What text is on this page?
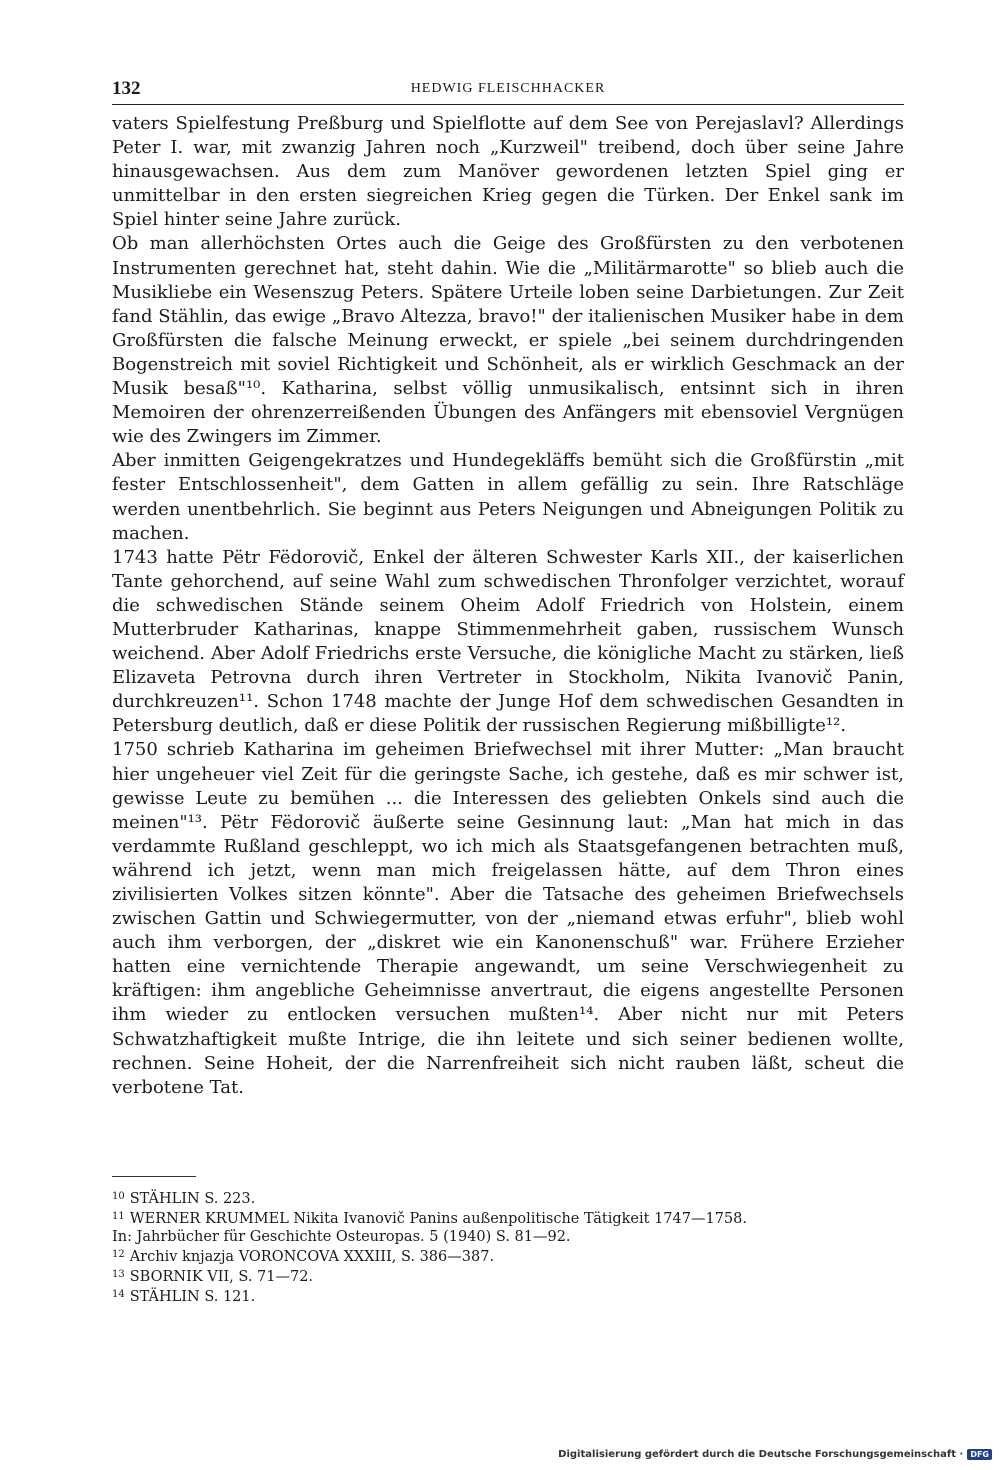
132	HEDWIG FLEISCHHACKER

vaters Spielfestung Preßburg und Spielflotte auf dem See von Perejaslavl? Allerdings Peter I. war, mit zwanzig Jahren noch „Kurzweil" treibend, doch über seine Jahre hinausgewachsen. Aus dem zum Manöver gewordenen letzten Spiel ging er unmittelbar in den ersten siegreichen Krieg gegen die Türken. Der Enkel sank im Spiel hinter seine Jahre zurück.

Ob man allerhöchsten Ortes auch die Geige des Großfürsten zu den verbotenen Instrumenten gerechnet hat, steht dahin. Wie die „Militärmarotte" so blieb auch die Musikliebe ein Wesenszug Peters. Spätere Urteile loben seine Darbietungen. Zur Zeit fand Stählin, das ewige „Bravo Altezza, bravo!" der italienischen Musiker habe in dem Großfürsten die falsche Meinung erweckt, er spiele „bei seinem durchdringenden Bogenstreich mit soviel Richtigkeit und Schönheit, als er wirklich Geschmack an der Musik besaß"¹⁰. Katharina, selbst völlig unmusikalisch, entsinnt sich in ihren Memoiren der ohrenzerreißenden Übungen des Anfängers mit ebensoviel Vergnügen wie des Zwingers im Zimmer.

Aber inmitten Geigengekratzes und Hundegekläffs bemüht sich die Großfürstin „mit fester Entschlossenheit", dem Gatten in allem gefällig zu sein. Ihre Ratschläge werden unentbehrlich. Sie beginnt aus Peters Neigungen und Abneigungen Politik zu machen.

1743 hatte Pëtr Fëdorovič, Enkel der älteren Schwester Karls XII., der kaiserlichen Tante gehorchend, auf seine Wahl zum schwedischen Thronfolger verzichtet, worauf die schwedischen Stände seinem Oheim Adolf Friedrich von Holstein, einem Mutterbruder Katharinas, knappe Stimmenmehrheit gaben, russischem Wunsch weichend. Aber Adolf Friedrichs erste Versuche, die königliche Macht zu stärken, ließ Elizaveta Petrovna durch ihren Vertreter in Stockholm, Nikita Ivanovič Panin, durchkreuzen¹¹. Schon 1748 machte der Junge Hof dem schwedischen Gesandten in Petersburg deutlich, daß er diese Politik der russischen Regierung mißbilligte¹².

1750 schrieb Katharina im geheimen Briefwechsel mit ihrer Mutter: „Man braucht hier ungeheuer viel Zeit für die geringste Sache, ich gestehe, daß es mir schwer ist, gewisse Leute zu bemühen ... die Interessen des geliebten Onkels sind auch die meinen"¹³. Pëtr Fëdorovič äußerte seine Gesinnung laut: „Man hat mich in das verdammte Rußland geschleppt, wo ich mich als Staatsgefangenen betrachten muß, während ich jetzt, wenn man mich freigelassen hätte, auf dem Thron eines zivilisierten Volkes sitzen könnte". Aber die Tatsache des geheimen Briefwechsels zwischen Gattin und Schwiegermutter, von der „niemand etwas erfuhr", blieb wohl auch ihm verborgen, der „diskret wie ein Kanonenschuß" war. Frühere Erzieher hatten eine vernichtende Therapie angewandt, um seine Verschwiegenheit zu kräftigen: ihm angebliche Geheimnisse anvertraut, die eigens angestellte Personen ihm wieder zu entlocken versuchen mußten¹⁴. Aber nicht nur mit Peters Schwatzhaftigkeit mußte Intrige, die ihn leitete und sich seiner bedienen wollte, rechnen. Seine Hoheit, der die Narrenfreiheit sich nicht rauben läßt, scheut die verbotene Tat.

$^{10}$ STÄHLIN S. 223.
$^{11}$ WERNER KRUMMEL Nikita Ivanovič Panins außenpolitische Tätigkeit 1747—1758.
In: Jahrbücher für Geschichte Osteuropas. 5 (1940) S. 81—92.
$^{12}$ Archiv knjazja VORONCOVA XXXIII, S. 386—387.
$^{13}$ SBORNIK VII, S. 71—72.
$^{14}$ STÄHLIN S. 121.
Digitalisierung gefördert durch die Deutsche Forschungsgemeinschaft · DFG
